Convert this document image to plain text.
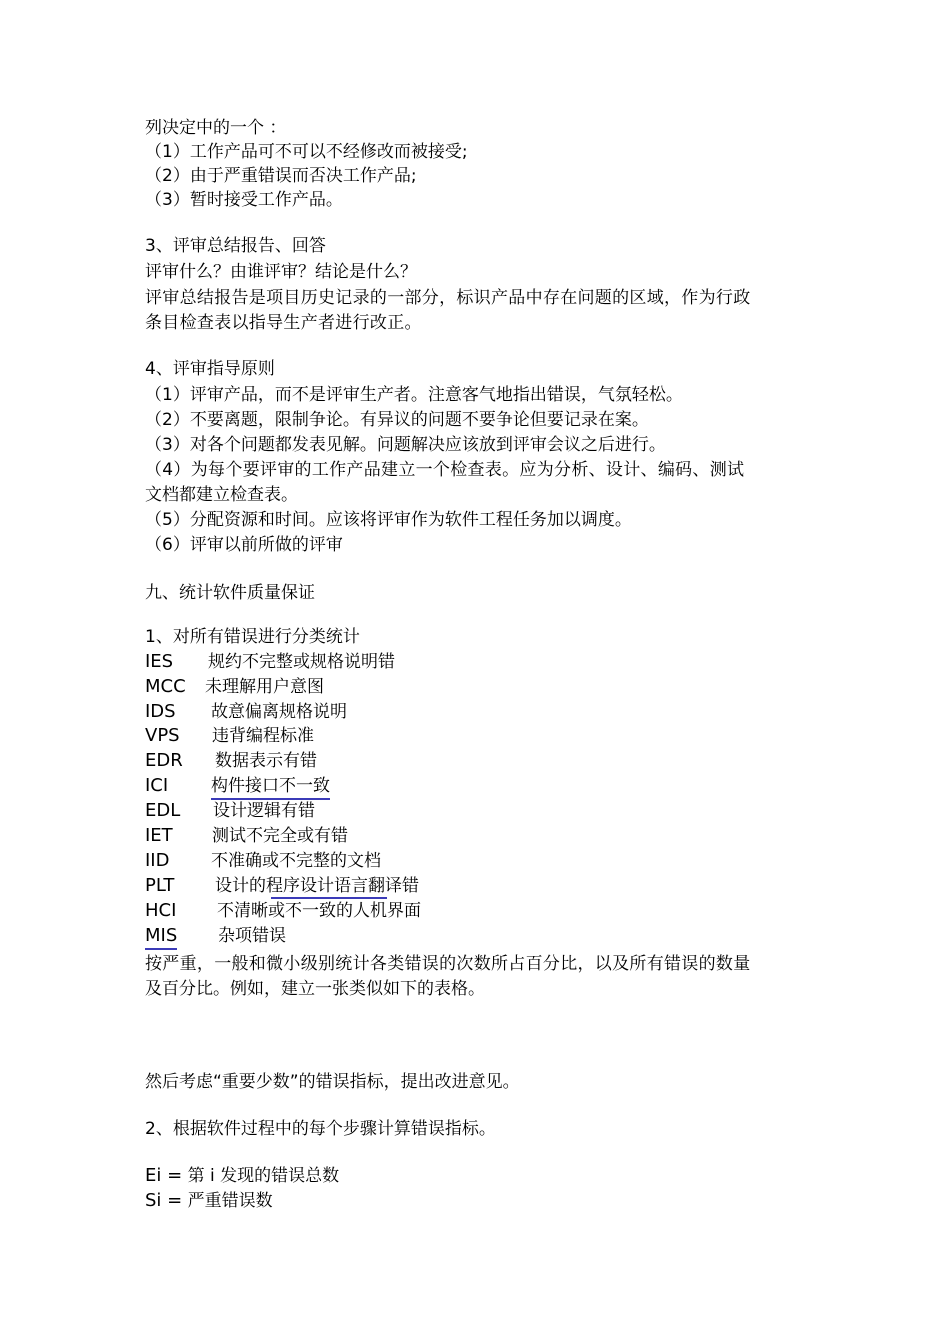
列决定中的一个 ：
（1）工作产品可不可以不经修改而被接受;
（2）由于严重错误而否决工作产品;
（3）暂时接受工作产品。
3、评审总结报告、回答
评审什么？由谁评审？结论是什么？
评审总结报告是项目历史记录的一部分，标识产品中存在问题的区域，作为行政
条目检查表以指导生产者进行改正。
4、评审指导原则
（1）评审产品，而不是评审生产者。注意客气地指出错误，气氛轻松。
（2）不要离题，限制争论。有异议的问题不要争论但要记录在案。
（3）对各个问题都发表见解。问题解决应该放到评审会议之后进行。
（4）为每个要评审的工作产品建立一个检查表。应为分析、设计、编码、测试
文档都建立检查表。
（5）分配资源和时间。应该将评审作为软件工程任务加以调度。
（6）评审以前所做的评审
九、统计软件质量保证
1、对所有错误进行分类统计
IES 规约不完整或规格说明错
MCC 未理解用户意图
IDS 故意偏离规格说明
VPS 违背编程标准
EDR 数据表示有错
ICI	构件接口不一致
EDL 设计逻辑有错
IET 测试不完全或有错
IID 不准确或不完整的文档
PLT 设计的程序设计语言翻译错
HCI 不清晰或不一致的人机界面
MIS 杂项错误
按严重，一般和微小级别统计各类错误的次数所占百分比，以及所有错误的数量
及百分比。例如，建立一张类似如下的表格。
然后考虑“重要少数”的错误指标，提出改进意见。
2、根据软件过程中的每个步骤计算错误指标。
Ei = 第 i 发现的错误总数
Si = 严重错误数
